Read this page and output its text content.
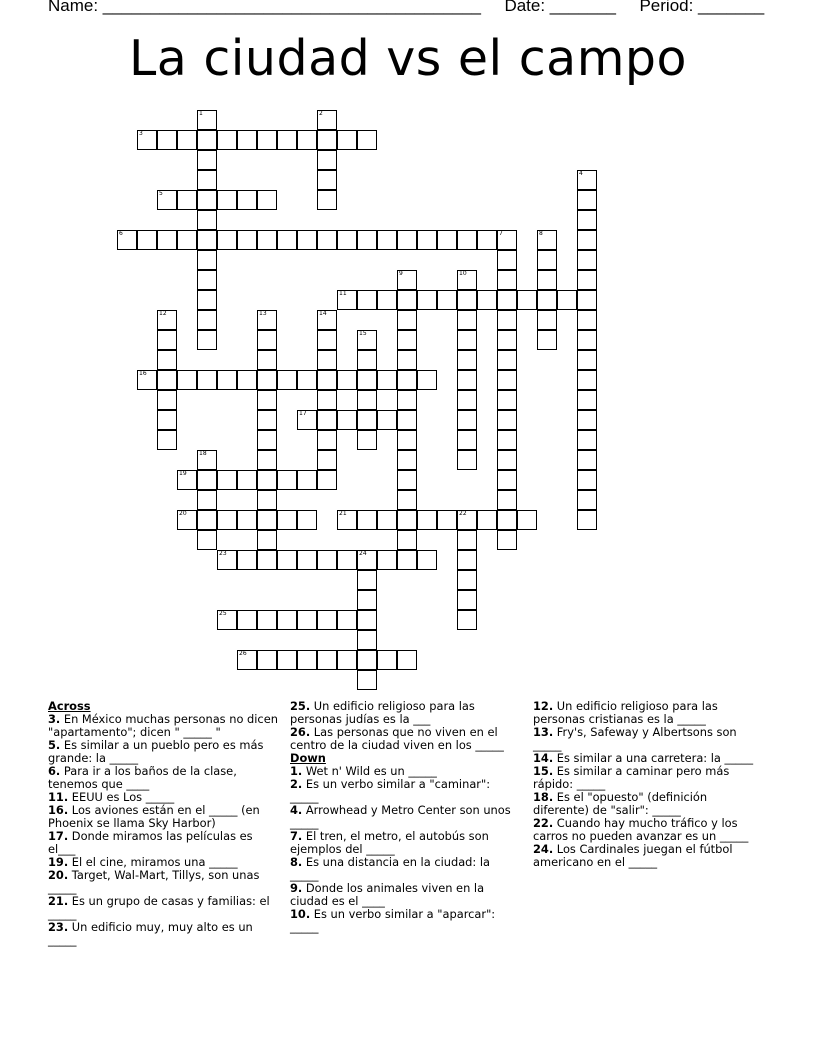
Name: ________________________________________ Date: _______ Period: _______
La ciudad vs el campo
1	2
3
4
5
6	7	8
9	10
11
12	13	14
15
16
17
18
19
20	21	22
23	24
25
26

Across

3. En México muchas personas no dicen "apartamento"; dicen " _____ "

5. Es similar a un pueblo pero es más grande: la _____

6. Para ir a los baños de la clase, tenemos que ____

11. EEUU es Los _____

16. Los aviones están en el _____ (en Phoenix se llama Sky Harbor)

17. Donde miramos las películas es el___

19. El el cine, miramos una _____

20. Target, Wal-Mart, Tillys, son unas _____

21. Es un grupo de casas y familias: el _____

23. Un edificio muy, muy alto es un _____

25. Un edificio religioso para las personas judías es la ___

26. Las personas que no viven en el centro de la ciudad viven en los _____

Down

1. Wet n' Wild es un _____

2. Es un verbo similar a "caminar": _____

4. Arrowhead y Metro Center son unos _____

7. El tren, el metro, el autobús son ejemplos del _____

8. Es una distancia en la ciudad: la _____

9. Donde los animales viven en la ciudad es el ____

10. Es un verbo similar a "aparcar": _____

12. Un edificio religioso para las personas cristianas es la _____

13. Fry's, Safeway y Albertsons son _____

14. Es similar a una carretera: la _____

15. Es similar a caminar pero más rápido: _____

18. Es el "opuesto" (definición diferente) de "salir": _____

22. Cuando hay mucho tráfico y los carros no pueden avanzar es un _____

24. Los Cardinales juegan el fútbol americano en el _____
